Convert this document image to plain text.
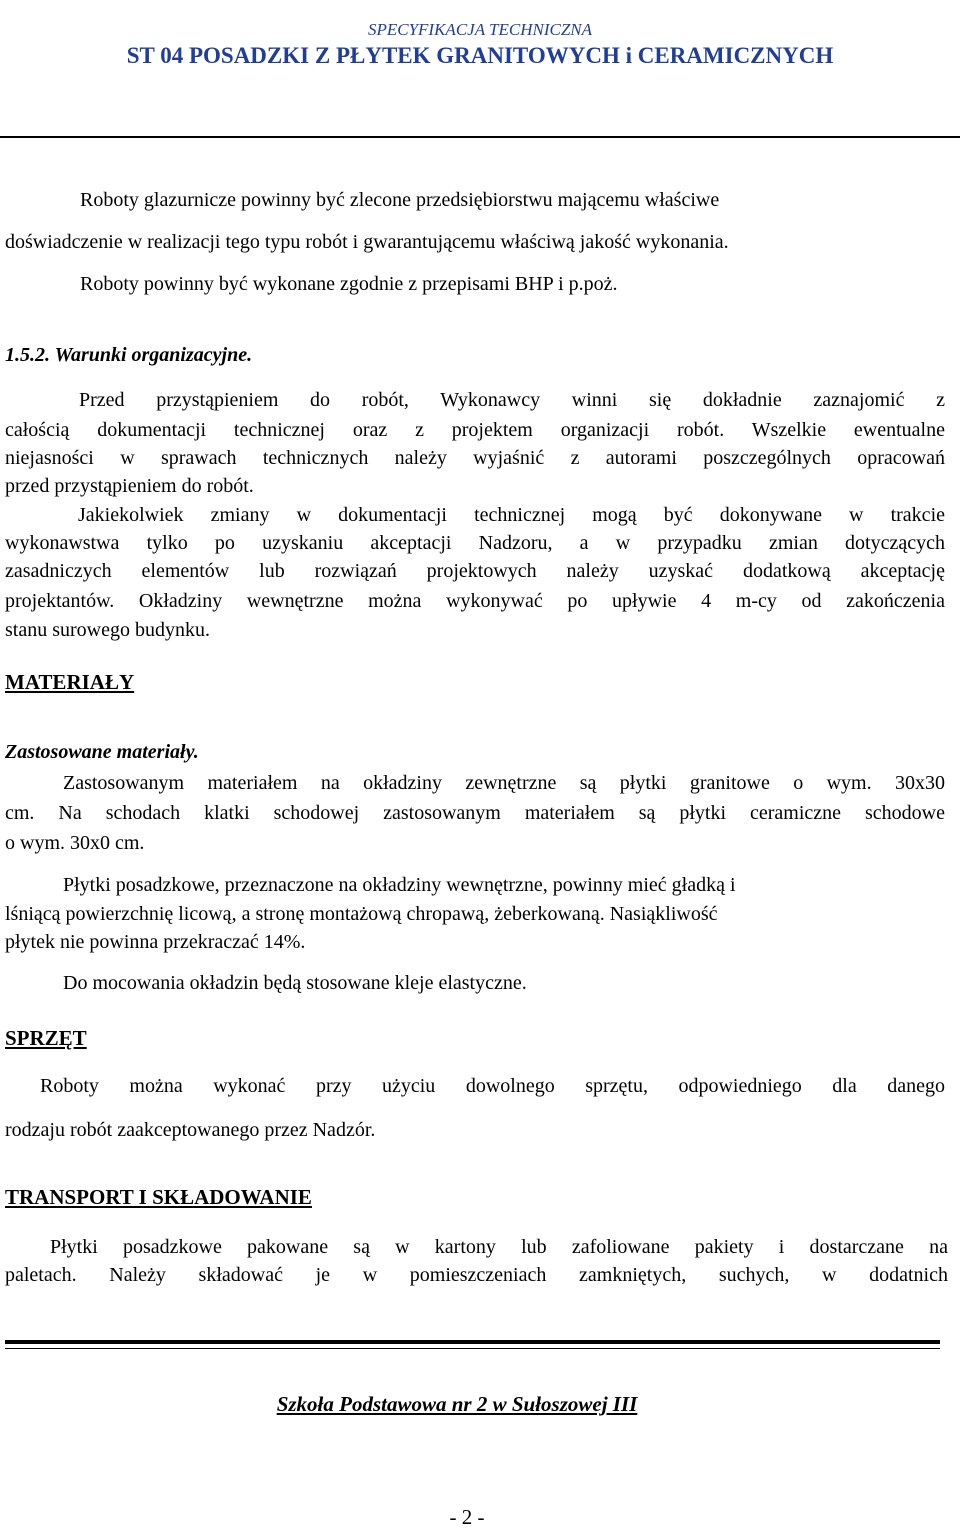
SPECYFIKACJA TECHNICZNA
ST 04 POSADZKI Z PŁYTEK GRANITOWYCH i CERAMICZNYCH
Roboty glazurnicze powinny być zlecone przedsiębiorstwu mającemu właściwe
doświadczenie w realizacji tego typu robót i gwarantującemu właściwą jakość wykonania.
Roboty powinny być wykonane zgodnie z przepisami BHP i p.poż.
1.5.2. Warunki organizacyjne.
Przed przystąpieniem do robót, Wykonawcy winni się dokładnie zaznajomić z
całością dokumentacji technicznej oraz z projektem organizacji robót. Wszelkie ewentualne
niejasności w sprawach technicznych należy wyjaśnić z autorami poszczególnych opracowań
przed przystąpieniem do robót.
Jakiekolwiek zmiany w dokumentacji technicznej mogą być dokonywane w trakcie
wykonawstwa tylko po uzyskaniu akceptacji Nadzoru, a w przypadku zmian dotyczących
zasadniczych elementów lub rozwiązań projektowych należy uzyskać dodatkową akceptację
projektantów. Okładziny wewnętrzne można wykonywać po upływie 4 m-cy od zakończenia
stanu surowego budynku.
MATERIAŁY
Zastosowane materiały.
Zastosowanym materiałem na okładziny zewnętrzne są płytki granitowe o wym. 30x30
cm. Na schodach klatki schodowej zastosowanym materiałem są płytki ceramiczne schodowe
o wym. 30x0 cm.
Płytki posadzkowe, przeznaczone na okładziny wewnętrzne, powinny mieć gładką i
lśniącą powierzchnię licową, a stronę montażową chropawą, żeberkowaną. Nasiąkliwość
płytek nie powinna przekraczać 14%.
Do mocowania okładzin będą stosowane kleje elastyczne.
SPRZĘT
Roboty można wykonać przy użyciu dowolnego sprzętu, odpowiedniego dla danego
rodzaju robót zaakceptowanego przez Nadzór.
TRANSPORT I SKŁADOWANIE
Płytki posadzkowe pakowane są w kartony lub zafoliowane pakiety i dostarczane na
paletach. Należy składować je w pomieszczeniach zamkniętych, suchych, w dodatnich
Szkoła Podstawowa nr 2 w Sułoszowej III
- 2 -
